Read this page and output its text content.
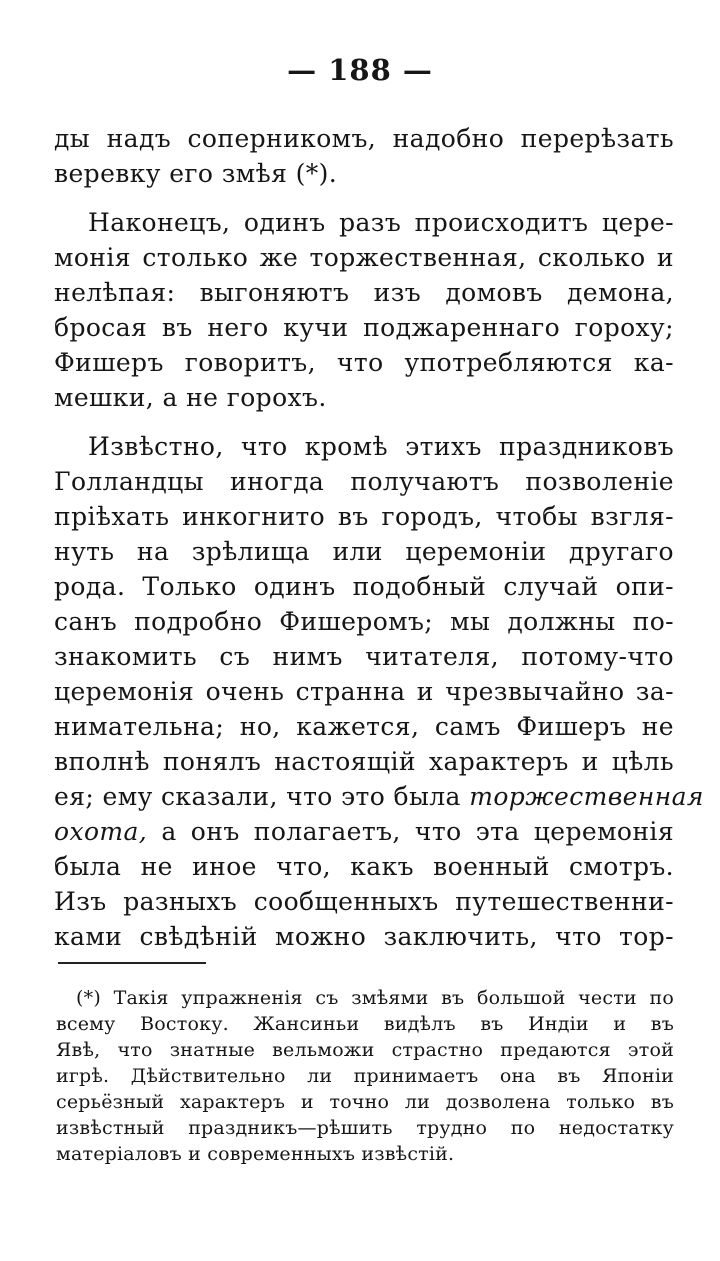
— 188 —
ды надъ соперникомъ, надобно перерѣзать
веревку его змѣя (*).
Наконецъ, одинъ разъ происходитъ цере-
монія столько же торжественная, сколько и
нелѣпая: выгоняютъ изъ домовъ демона,
бросая въ него кучи поджареннаго гороху;
Фишеръ говоритъ, что употребляются ка-
мешки, а не горохъ.
Извѣстно, что кромѣ этихъ праздниковъ
Голландцы иногда получаютъ позволеніе
пріѣхать инкогнито въ городъ, чтобы взгля-
нуть на зрѣлища или церемоніи другаго
рода. Только одинъ подобный случай опи-
санъ подробно Фишеромъ; мы должны по-
знакомить съ нимъ читателя, потому-что
церемонія очень странна и чрезвычайно за-
нимательна; но, кажется, самъ Фишеръ не
вполнѣ понялъ настоящій характеръ и цѣль
ея; ему сказали, что это была торжественная
охота, а онъ полагаетъ, что эта церемонія
была не иное что, какъ военный смотръ.
Изъ разныхъ сообщенныхъ путешественни-
ками свѣдѣній можно заключить, что тор-
(*) Такія упражненія съ змѣями въ большой чести по
всему Востоку. Жансиньи видѣлъ въ Индіи и въ
Явѣ, что знатные вельможи страстно предаются этой
игрѣ. Дѣйствительно ли принимаетъ она въ Японіи
серьёзный характеръ и точно ли дозволена только въ
извѣстный праздникъ—рѣшить трудно по недостатку
матеріаловъ и современныхъ извѣстій.
